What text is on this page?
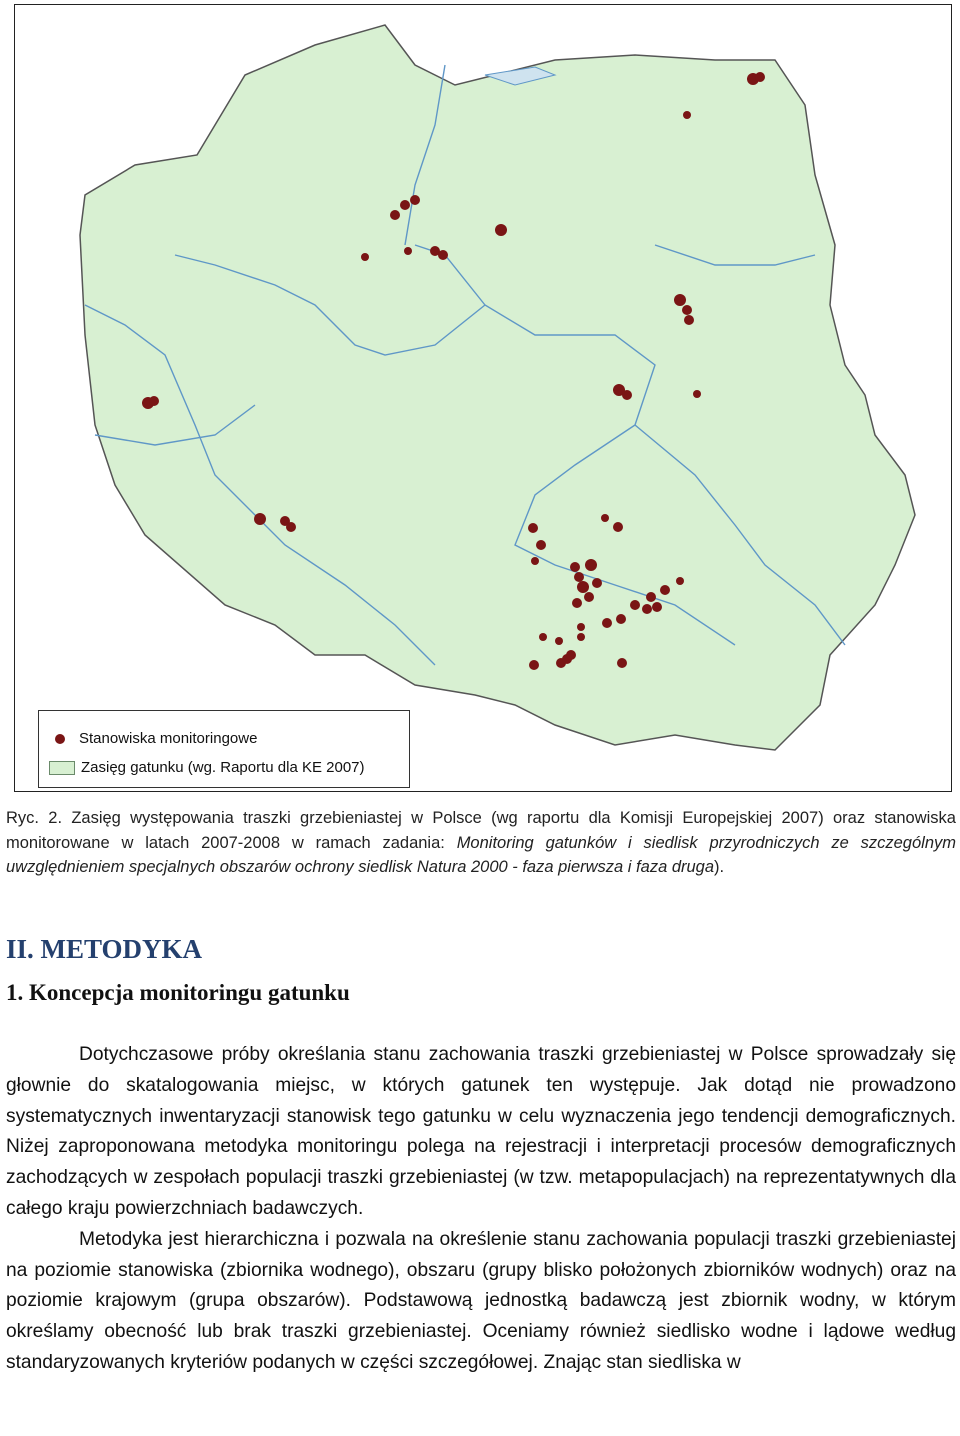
Stanowiska monitoringowe
Zasięg gatunku (wg. Raportu dla KE 2007)
Ryc. 2. Zasięg występowania traszki grzebieniastej w Polsce (wg raportu dla Komisji Europejskiej 2007) oraz stanowiska monitorowane w latach 2007-2008 w ramach zadania: Monitoring gatunków i siedlisk przyrodniczych ze szczególnym uwzględnieniem specjalnych obszarów ochrony siedlisk Natura 2000 - faza pierwsza i faza druga).
II. METODYKA
1. Koncepcja monitoringu gatunku

Dotychczasowe próby określania stanu zachowania traszki grzebieniastej w Polsce sprowadzały się głownie do skatalogowania miejsc, w których gatunek ten występuje. Jak dotąd nie prowadzono systematycznych inwentaryzacji stanowisk tego gatunku w celu wyznaczenia jego tendencji demograficznych. Niżej zaproponowana metodyka monitoringu polega na rejestracji i interpretacji procesów demograficznych zachodzących w zespołach populacji traszki grzebieniastej (w tzw. metapopulacjach) na reprezentatywnych dla całego kraju powierzchniach badawczych.

Metodyka jest hierarchiczna i pozwala na określenie stanu zachowania populacji traszki grzebieniastej na poziomie stanowiska (zbiornika wodnego), obszaru (grupy blisko położonych zbiorników wodnych) oraz na poziomie krajowym (grupa obszarów). Podstawową jednostką badawczą jest zbiornik wodny, w którym określamy obecność lub brak traszki grzebieniastej. Oceniamy również siedlisko wodne i lądowe według standaryzowanych kryteriów podanych w części szczegółowej. Znając stan siedliska w
